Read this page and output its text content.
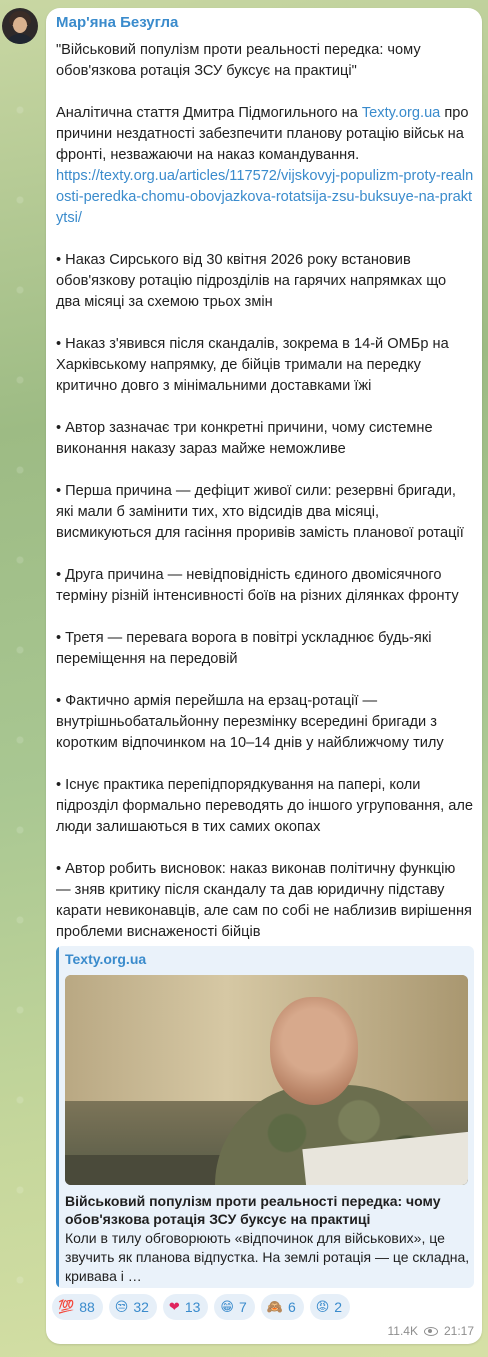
Мар'яна Безугла

"Військовий популізм проти реальності передка: чому обов'язкова ротація ЗСУ буксує на практиці"

Аналітична стаття Дмитра Підмогильного на Texty.org.ua про причини нездатності забезпечити планову ротацію військ на фронті, незважаючи на наказ командування.
https://texty.org.ua/articles/117572/vijskovyj-populizm-proty-realnosti-peredka-chomu-obovjazkova-rotatsija-zsu-buksuye-na-praktytsi/

• Наказ Сирського від 30 квітня 2026 року встановив обов'язкову ротацію підрозділів на гарячих напрямках що два місяці за схемою трьох змін

• Наказ з'явився після скандалів, зокрема в 14-й ОМБр на Харківському напрямку, де бійців тримали на передку критично довго з мінімальними доставками їжі

• Автор зазначає три конкретні причини, чому системне виконання наказу зараз майже неможливе

• Перша причина — дефіцит живої сили: резервні бригади, які мали б замінити тих, хто відсидів два місяці, висмикуються для гасіння проривів замість планової ротації

• Друга причина — невідповідність єдиного двомісячного терміну різній інтенсивності боїв на різних ділянках фронту

• Третя — перевага ворога в повітрі ускладнює будь-які переміщення на передовій

• Фактично армія перейшла на ерзац-ротації — внутрішньобатальйонну перезмінку всередині бригади з коротким відпочинком на 10–14 днів у найближчому тилу

• Існує практика перепідпорядкування на папері, коли підрозділ формально переводять до іншого угруповання, але люди залишаються в тих самих окопах

• Автор робить висновок: наказ виконав політичну функцію — зняв критику після скандалу та дав юридичну підставу карати невиконавців, але сам по собі не наблизив вирішення проблеми виснаженості бійців

Texty.org.ua
Військовий популізм проти реальності передка: чому обов'язкова ротація ЗСУ буксує на практиці
Коли в тилу обговорюють «відпочинок для військових», це звучить як планова відпустка. На землі ротація — це складна, кривава і …
💯 88 😒 32 ❤ 13 😁 7 🙈 6 😡 2
11.4K 21:17
